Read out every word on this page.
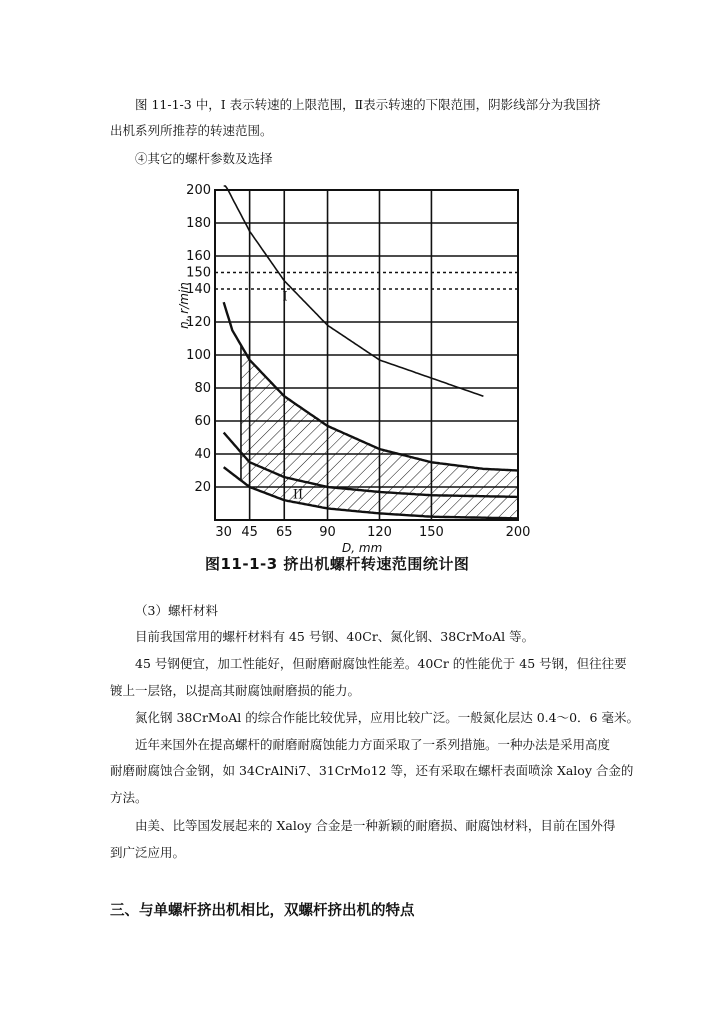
图 11-1-3 中，I 表示转速的上限范围，Ⅱ表示转速的下限范围，阴影线部分为我国挤
出机系列所推荐的转速范围。
④其它的螺杆参数及选择
20
40
60
80
100
120
140
150
160
180
200
30 45 65 90 120 150	200
D, mm
n, r/min	I
II
图11-1-3 挤出机螺杆转速范围统计图
（3）螺杆材料
目前我国常用的螺杆材料有 45 号钢、40Cr、氮化钢、38CrMoAl 等。
45 号钢便宜，加工性能好，但耐磨耐腐蚀性能差。40Cr 的性能优于 45 号钢，但往往要
镀上一层铬，以提高其耐腐蚀耐磨损的能力。
氮化钢 38CrMoAl 的综合作能比较优异，应用比较广泛。一般氮化层达 0.4～0．6 毫米。
近年来国外在提高螺杆的耐磨耐腐蚀能力方面采取了一系列措施。一种办法是采用高度
耐磨耐腐蚀合金钢，如 34CrAlNi7、31CrMo12 等，还有采取在螺杆表面喷涂 Xaloy 合金的
方法。
由美、比等国发展起来的 Xaloy 合金是一种新颖的耐磨损、耐腐蚀材料，目前在国外得
到广泛应用。
三、与单螺杆挤出机相比，双螺杆挤出机的特点
